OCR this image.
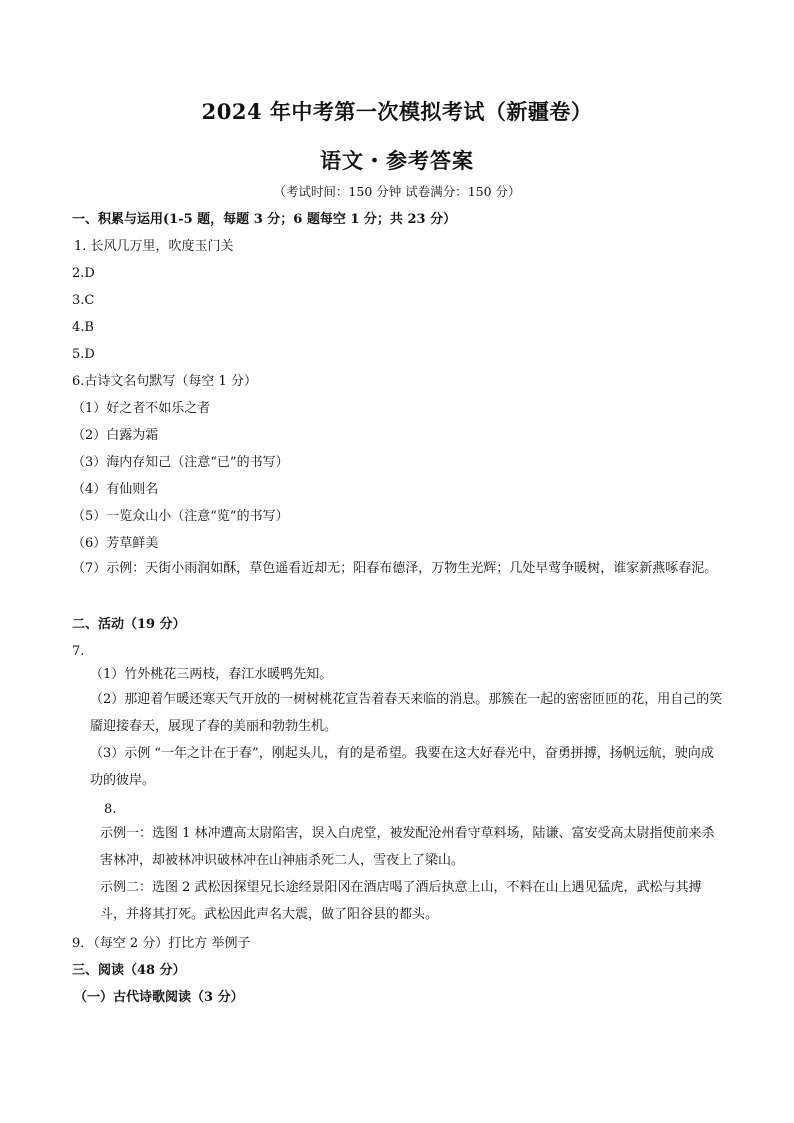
2024 年中考第一次模拟考试（新疆卷）
语文・参考答案
（考试时间：150 分钟 试卷满分：150 分）
一、积累与运用(1-5 题，每题 3 分；6 题每空 1 分；共 23 分）
1. 长风几万里，吹度玉门关
2.D
3.C
4.B
5.D
6.古诗文名句默写（每空 1 分）
（1）好之者不如乐之者
（2）白露为霜
（3）海内存知己（注意“已”的书写）
（4）有仙则名
（5）一览众山小（注意“览”的书写）
（6）芳草鲜美
（7）示例：天街小雨润如酥，草色遥看近却无；阳春布德泽，万物生光辉；几处早莺争暖树，谁家新燕啄春泥。
二、活动（19 分）
7.
（1）竹外桃花三两枝，春江水暖鸭先知。
（2）那迎着乍暖还寒天气开放的一树树桃花宣告着春天来临的消息。那簇在一起的密密匝匝的花，用自己的笑靥迎接春天，展现了春的美丽和勃勃生机。
（3）示例 “一年之计在于春”，刚起头儿，有的是希望。我要在这大好春光中，奋勇拼搏，扬帆远航，驶向成功的彼岸。
8.
示例一：选图 1 林冲遭高太尉陷害，误入白虎堂，被发配沧州看守草料场，陆谦、富安受高太尉指使前来杀害林冲，却被林冲识破林冲在山神庙杀死二人，雪夜上了梁山。
示例二：选图 2 武松因探望兄长途经景阳冈在酒店喝了酒后执意上山，不料在山上遇见猛虎，武松与其搏斗，并将其打死。武松因此声名大震，做了阳谷县的都头。
9．（每空 2 分）打比方 举例子
三、阅读（48 分）
（一）古代诗歌阅读（3 分）
